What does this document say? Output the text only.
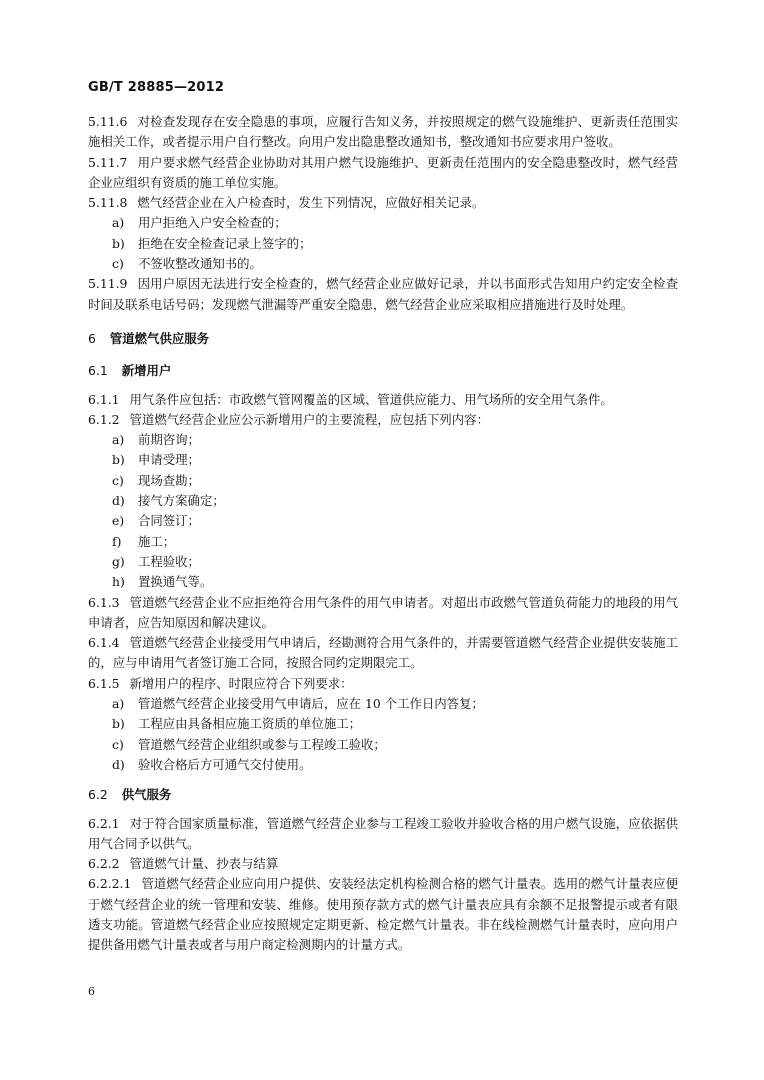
GB/T 28885—2012
5.11.6 对检查发现存在安全隐患的事项，应履行告知义务，并按照规定的燃气设施维护、更新责任范围实施相关工作，或者提示用户自行整改。向用户发出隐患整改通知书，整改通知书应要求用户签收。
5.11.7 用户要求燃气经营企业协助对其用户燃气设施维护、更新责任范围内的安全隐患整改时，燃气经营企业应组织有资质的施工单位实施。
5.11.8 燃气经营企业在入户检查时，发生下列情况，应做好相关记录。
a) 用户拒绝入户安全检查的；
b) 拒绝在安全检查记录上签字的；
c) 不签收整改通知书的。
5.11.9 因用户原因无法进行安全检查的，燃气经营企业应做好记录，并以书面形式告知用户约定安全检查时间及联系电话号码；发现燃气泄漏等严重安全隐患，燃气经营企业应采取相应措施进行及时处理。
6 管道燃气供应服务
6.1 新增用户
6.1.1 用气条件应包括：市政燃气管网覆盖的区域、管道供应能力、用气场所的安全用气条件。
6.1.2 管道燃气经营企业应公示新增用户的主要流程，应包括下列内容：
a) 前期咨询；
b) 申请受理；
c) 现场查勘；
d) 接气方案确定；
e) 合同签订；
f) 施工；
g) 工程验收；
h) 置换通气等。
6.1.3 管道燃气经营企业不应拒绝符合用气条件的用气申请者。对超出市政燃气管道负荷能力的地段的用气申请者，应告知原因和解决建议。
6.1.4 管道燃气经营企业接受用气申请后，经勘测符合用气条件的，并需要管道燃气经营企业提供安装施工的，应与申请用气者签订施工合同，按照合同约定期限完工。
6.1.5 新增用户的程序、时限应符合下列要求：
a) 管道燃气经营企业接受用气申请后，应在 10 个工作日内答复；
b) 工程应由具备相应施工资质的单位施工；
c) 管道燃气经营企业组织或参与工程竣工验收；
d) 验收合格后方可通气交付使用。
6.2 供气服务
6.2.1 对于符合国家质量标准，管道燃气经营企业参与工程竣工验收并验收合格的用户燃气设施，应依据供用气合同予以供气。
6.2.2 管道燃气计量、抄表与结算
6.2.2.1 管道燃气经营企业应向用户提供、安装经法定机构检测合格的燃气计量表。选用的燃气计量表应便于燃气经营企业的统一管理和安装、维修。使用预存款方式的燃气计量表应具有余额不足报警提示或者有限透支功能。管道燃气经营企业应按照规定定期更新、检定燃气计量表。非在线检测燃气计量表时，应向用户提供备用燃气计量表或者与用户商定检测期内的计量方式。
6
